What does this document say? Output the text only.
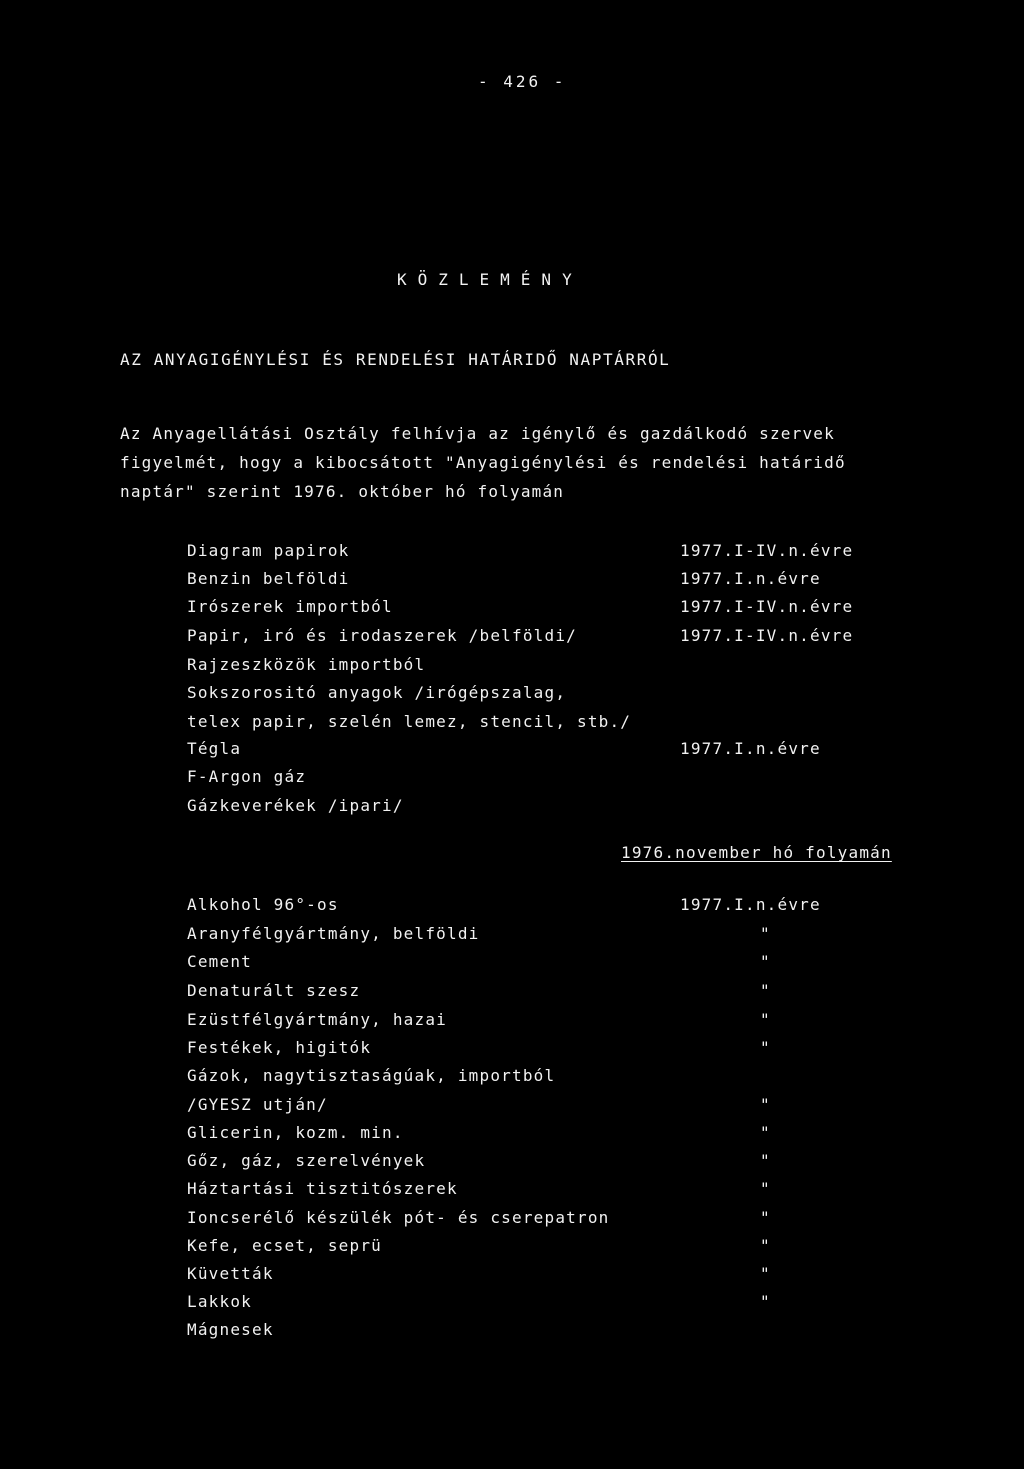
- 426 -
KÖZLEMÉNY
AZ ANYAGIGÉNYLÉSI ÉS RENDELÉSI HATÁRIDŐ NAPTÁRRÓL
Az Anyagellátási Osztály felhívja az igénylő és gazdálkodó szervek
figyelmét, hogy a kibocsátott "Anyagigénylési és rendelési határidő
naptár" szerint 1976. október hó folyamán
Diagram papirok	1977.I-IV.n.évre
Benzin belföldi	1977.I.n.évre
Irószerek importból	1977.I-IV.n.évre
Papir, iró és irodaszerek /belföldi/	1977.I-IV.n.évre
Rajzeszközök importból
Sokszorositó anyagok /irógépszalag,
telex papir, szelén lemez, stencil, stb./
Tégla	1977.I.n.évre
F-Argon gáz
Gázkeverékek /ipari/
1976.november hó folyamán
Alkohol 96°-os	1977.I.n.évre
Aranyfélgyártmány, belföldi	"
Cement	"
Denaturált szesz	"
Ezüstfélgyártmány, hazai	"
Festékek, higitók	"
Gázok, nagytisztaságúak, importból
/GYESZ utján/	"
Glicerin, kozm. min.	"
Gőz, gáz, szerelvények	"
Háztartási tisztitószerek	"
Ioncserélő készülék pót- és cserepatron	"
Kefe, ecset, seprü	"
Küvetták	"
Lakkok	"
Mágnesek
